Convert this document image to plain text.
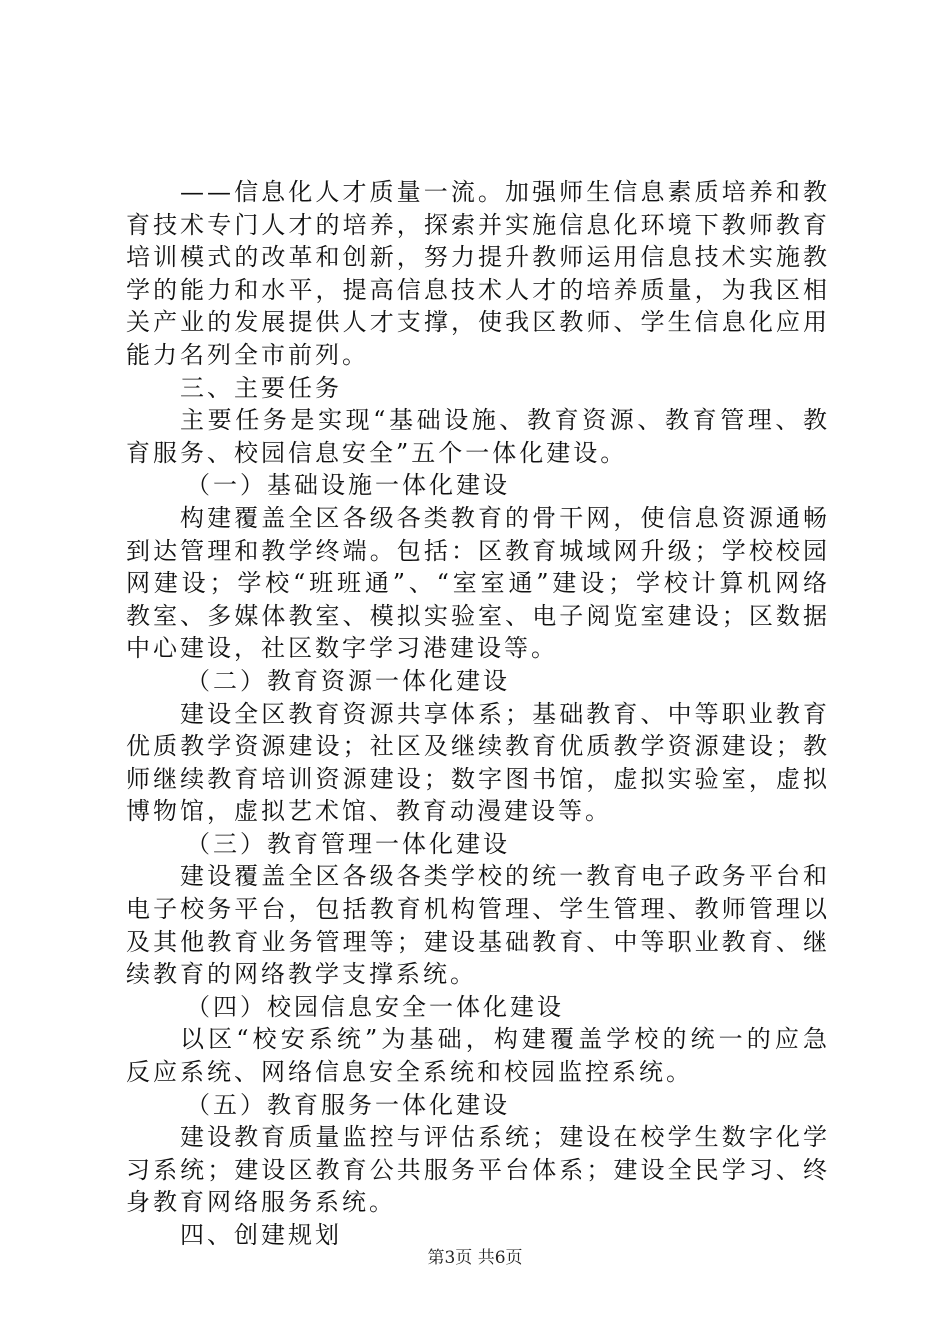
——信息化人才质量一流。加强师生信息素质培养和教育技术专门人才的培养，探索并实施信息化环境下教师教育培训模式的改革和创新，努力提升教师运用信息技术实施教学的能力和水平，提高信息技术人才的培养质量，为我区相关产业的发展提供人才支撑，使我区教师、学生信息化应用能力名列全市前列。

三、主要任务

主要任务是实现“基础设施、教育资源、教育管理、教育服务、校园信息安全”五个一体化建设。

（一）基础设施一体化建设

构建覆盖全区各级各类教育的骨干网，使信息资源通畅到达管理和教学终端。包括：区教育城域网升级；学校校园网建设；学校“班班通”、“室室通”建设；学校计算机网络教室、多媒体教室、模拟实验室、电子阅览室建设；区数据中心建设，社区数字学习港建设等。

（二）教育资源一体化建设

建设全区教育资源共享体系；基础教育、中等职业教育优质教学资源建设；社区及继续教育优质教学资源建设；教师继续教育培训资源建设；数字图书馆，虚拟实验室，虚拟博物馆，虚拟艺术馆、教育动漫建设等。

（三）教育管理一体化建设

建设覆盖全区各级各类学校的统一教育电子政务平台和电子校务平台，包括教育机构管理、学生管理、教师管理以及其他教育业务管理等；建设基础教育、中等职业教育、继续教育的网络教学支撑系统。

（四）校园信息安全一体化建设

以区“校安系统”为基础，构建覆盖学校的统一的应急反应系统、网络信息安全系统和校园监控系统。

（五）教育服务一体化建设

建设教育质量监控与评估系统；建设在校学生数字化学习系统；建设区教育公共服务平台体系；建设全民学习、终身教育网络服务系统。

四、创建规划

第3页 共6页
